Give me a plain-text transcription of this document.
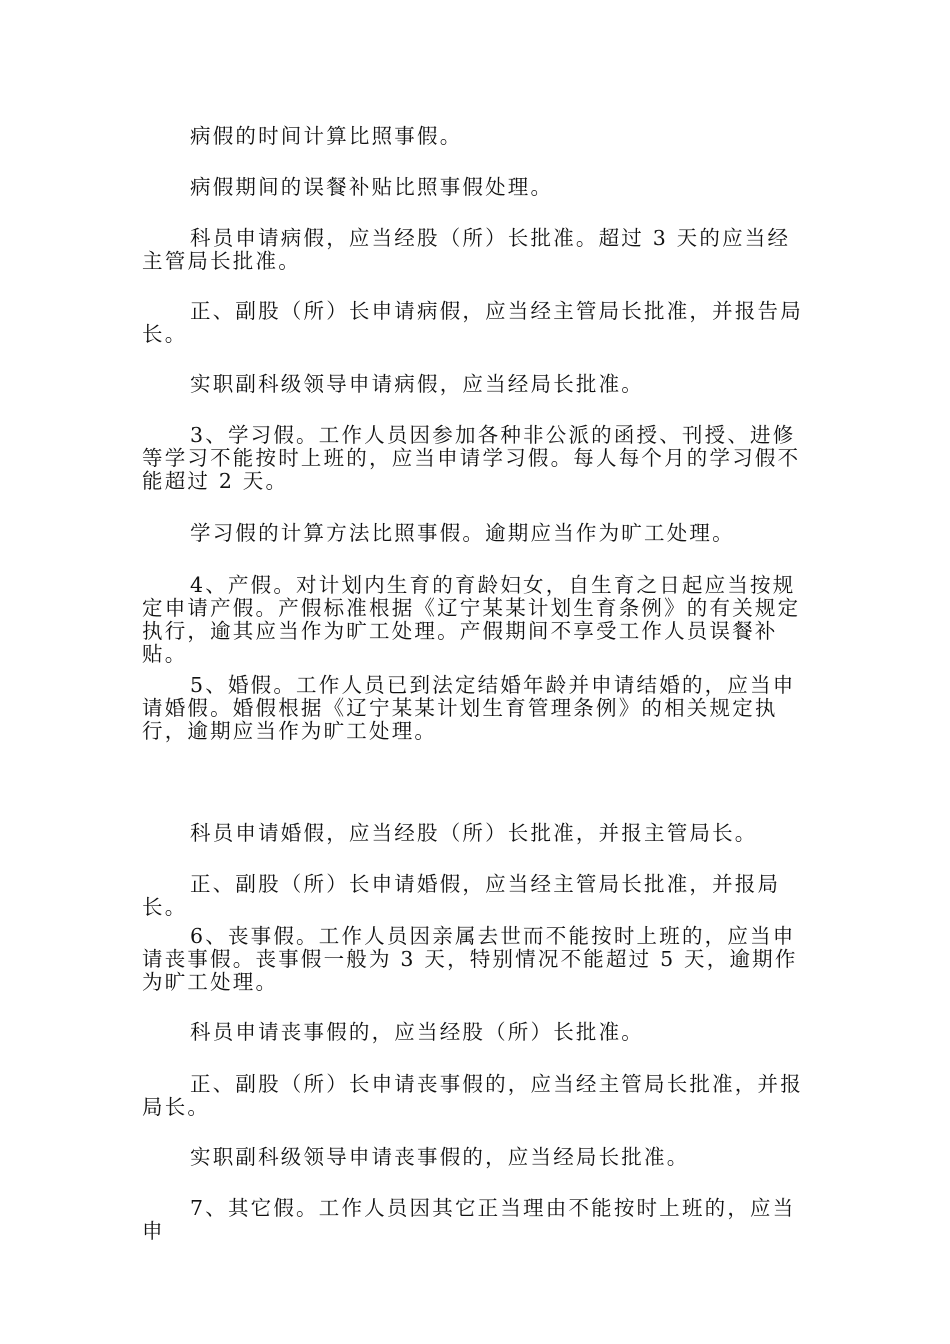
病假的时间计算比照事假。

病假期间的误餐补贴比照事假处理。

科员申请病假，应当经股（所）长批准。超过 3 天的应当经主管局长批准。

正、副股（所）长申请病假，应当经主管局长批准，并报告局长。

实职副科级领导申请病假，应当经局长批准。

3、学习假。工作人员因参加各种非公派的函授、刊授、进修等学习不能按时上班的，应当申请学习假。每人每个月的学习假不能超过 2 天。

学习假的计算方法比照事假。逾期应当作为旷工处理。

4、产假。对计划内生育的育龄妇女，自生育之日起应当按规定申请产假。产假标准根据《辽宁某某计划生育条例》的有关规定执行，逾其应当作为旷工处理。产假期间不享受工作人员误餐补贴。

5、婚假。工作人员已到法定结婚年龄并申请结婚的，应当申请婚假。婚假根据《辽宁某某计划生育管理条例》的相关规定执行，逾期应当作为旷工处理。

科员申请婚假，应当经股（所）长批准，并报主管局长。

正、副股（所）长申请婚假，应当经主管局长批准，并报局长。

6、丧事假。工作人员因亲属去世而不能按时上班的，应当申请丧事假。丧事假一般为 3 天，特别情况不能超过 5 天，逾期作为旷工处理。

科员申请丧事假的，应当经股（所）长批准。

正、副股（所）长申请丧事假的，应当经主管局长批准，并报局长。

实职副科级领导申请丧事假的，应当经局长批准。

7、其它假。工作人员因其它正当理由不能按时上班的，应当申
